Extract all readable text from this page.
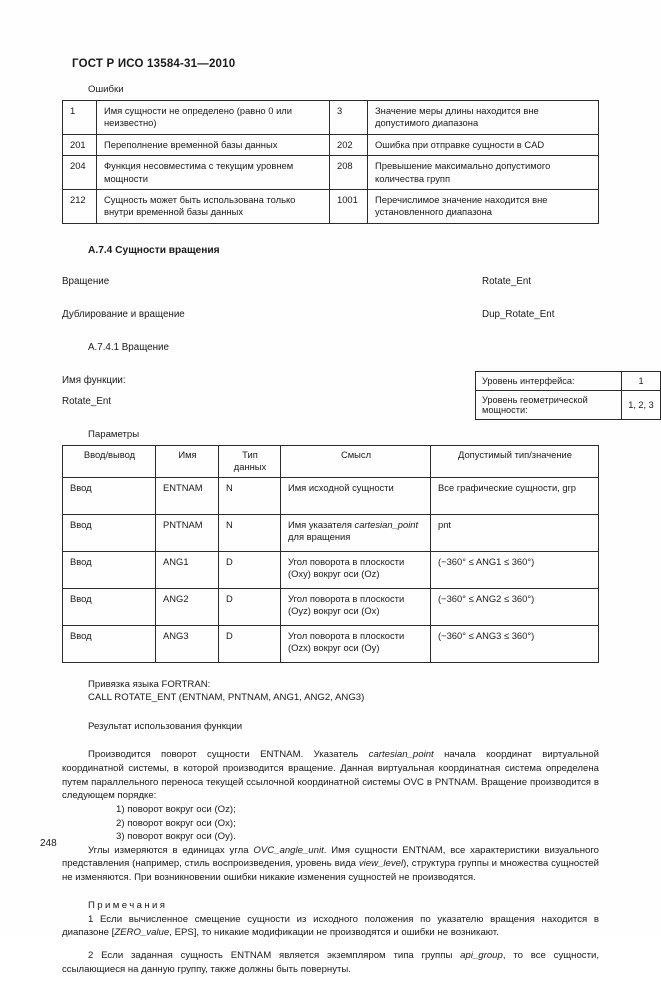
ГОСТ Р ИСО 13584-31—2010
Ошибки
1	Имя сущности не определено (равно 0 или неизвестно)	3	Значение меры длины находится вне допустимого диапазона
201	Переполнение временной базы данных	202	Ошибка при отправке сущности в CAD
204	Функция несовместима с текущим уровнем мощности	208	Превышение максимально допустимого количества групп
212	Сущность может быть использована только внутри временной базы данных	1001	Перечислимое значение находится вне установленного диапазона
А.7.4 Сущности вращения
Вращение	Rotate_Ent
Дублирование и вращение	Dup_Rotate_Ent
А.7.4.1 Вращение
Имя функции:
Rotate_Ent
Уровень интерфейса:	1
Уровень геометрической мощности:	1, 2, 3
Параметры
Ввод/вывод	Имя	Тип данных	Смысл	Допустимый тип/значение
Ввод	ENTNAM	N	Имя исходной сущности	Все графические сущности, grp
Ввод	PNTNAM	N	Имя указателя cartesian_point для вращения	pnt
Ввод	ANG1	D	Угол поворота в плоскости (Oxy) вокруг оси (Oz)	(−360° ≤ ANG1 ≤ 360°)
Ввод	ANG2	D	Угол поворота в плоскости (Oyz) вокруг оси (Ox)	(−360° ≤ ANG2 ≤ 360°)
Ввод	ANG3	D	Угол поворота в плоскости (Ozx) вокруг оси (Oy)	(−360° ≤ ANG3 ≤ 360°)
Привязка языка FORTRAN:
CALL ROTATE_ENT (ENTNAM, PNTNAM, ANG1, ANG2, ANG3)
Результат использования функции

Производится поворот сущности ENTNAM. Указатель cartesian_point начала координат виртуальной координатной системы, в которой производится вращение. Данная виртуальная координатная система определена путем параллельного переноса текущей ссылочной координатной системы OVC в PNTNAM. Вращение производится в следующем порядке:

1) поворот вокруг оси (Oz);
2) поворот вокруг оси (Ox);
3) поворот вокруг оси (Oy).

Углы измеряются в единицах угла OVC_angle_unit. Имя сущности ENTNAM, все характеристики визуального представления (например, стиль воспроизведения, уровень вида view_level), структура группы и множества сущностей не изменяются. При возникновении ошибки никакие изменения сущностей не производятся.

Примечания

1 Если вычисленное смещение сущности из исходного положения по указателю вращения находится в диапазоне [ZERO_value, EPS], то никакие модификации не производятся и ошибки не возникают.

2 Если заданная сущность ENTNAM является экземпляром типа группы api_group, то все сущности, ссылающиеся на данную группу, также должны быть повернуты.

248
